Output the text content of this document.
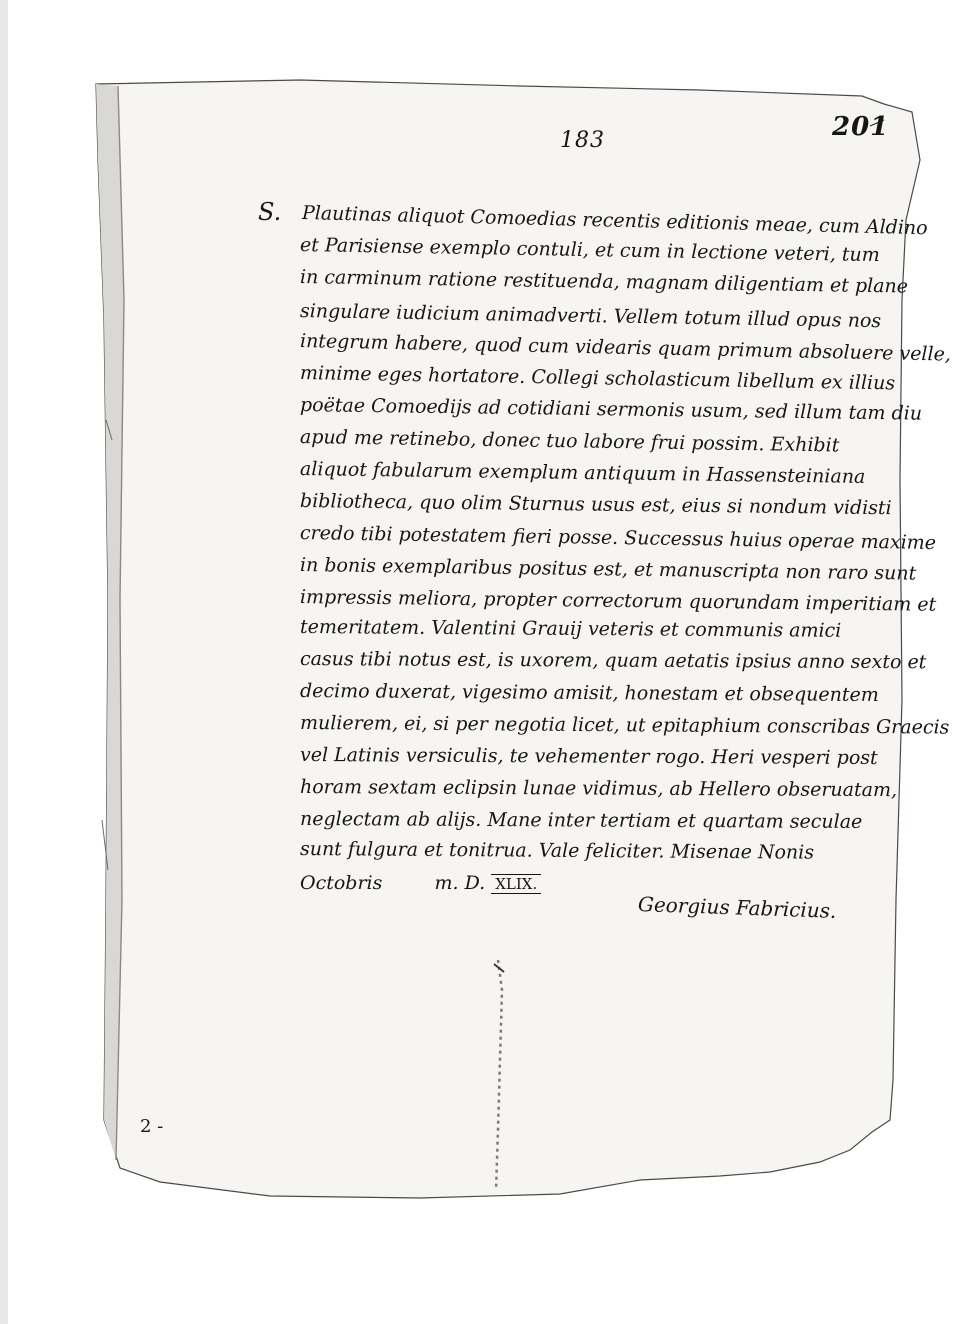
183	201
S. Plautinas aliquot Comoedias recentis editionis meae, cum Aldino
et Parisiense exemplo contuli, et cum in lectione veteri, tum
in carminum ratione restituenda, magnam diligentiam et plane
singulare iudicium animadverti. Vellem totum illud opus nos
integrum habere, quod cum videaris quam primum absoluere velle,
minime eges hortatore. Collegi scholasticum libellum ex illius
poëtae Comoedijs ad cotidiani sermonis usum, sed illum tam diu
apud me retinebo, donec tuo labore frui possim. Exhibit
aliquot fabularum exemplum antiquum in Hassensteiniana
bibliotheca, quo olim Sturnus usus est, eius si nondum vidisti
credo tibi potestatem fieri posse. Successus huius operae maxime
in bonis exemplaribus positus est, et manuscripta non raro sunt
impressis meliora, propter correctorum quorundam imperitiam et
temeritatem. Valentini Grauij veteris et communis amici
casus tibi notus est, is uxorem, quam aetatis ipsius anno sexto et
decimo duxerat, vigesimo amisit, honestam et obsequentem
mulierem, ei, si per negotia licet, ut epitaphium conscribas Graecis
vel Latinis versiculis, te vehementer rogo. Heri vesperi post
horam sextam eclipsin lunae vidimus, ab Hellero obseruatam,
neglectam ab alijs. Mane inter tertiam et quartam seculae
sunt fulgura et tonitrua. Vale feliciter. Misenae Nonis
Octobris	m. D. XLIX.
Georgius Fabricius.
2 -
